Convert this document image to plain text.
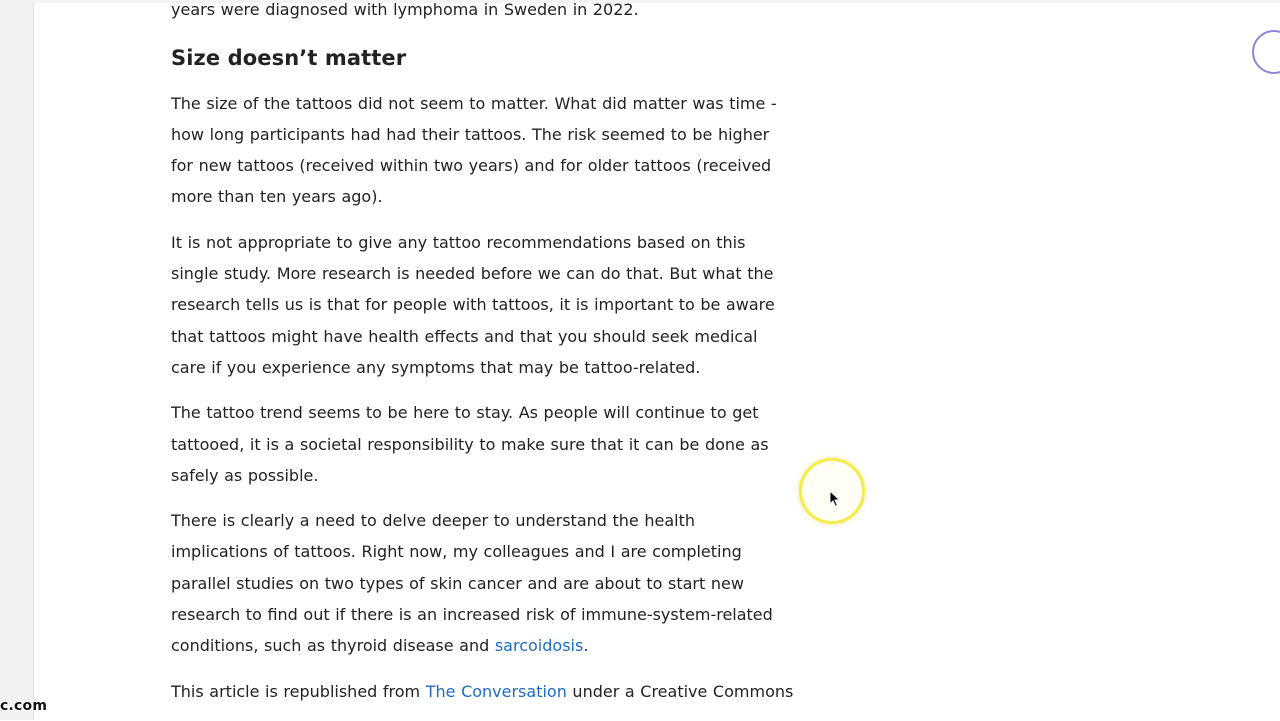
years were diagnosed with lymphoma in Sweden in 2022.

Size doesn’t matter

The size of the tattoos did not seem to matter. What did matter was time - how long participants had had their tattoos. The risk seemed to be higher for new tattoos (received within two years) and for older tattoos (received more than ten years ago).

It is not appropriate to give any tattoo recommendations based on this single study. More research is needed before we can do that. But what the research tells us is that for people with tattoos, it is important to be aware that tattoos might have health effects and that you should seek medical care if you experience any symptoms that may be tattoo-related.

The tattoo trend seems to be here to stay. As people will continue to get tattooed, it is a societal responsibility to make sure that it can be done as safely as possible.

There is clearly a need to delve deeper to understand the health implications of tattoos. Right now, my colleagues and I are completing parallel studies on two types of skin cancer and are about to start new research to find out if there is an increased risk of immune-system-related conditions, such as thyroid disease and sarcoidosis.

This article is republished from The Conversation under a Creative Commons

c.com
